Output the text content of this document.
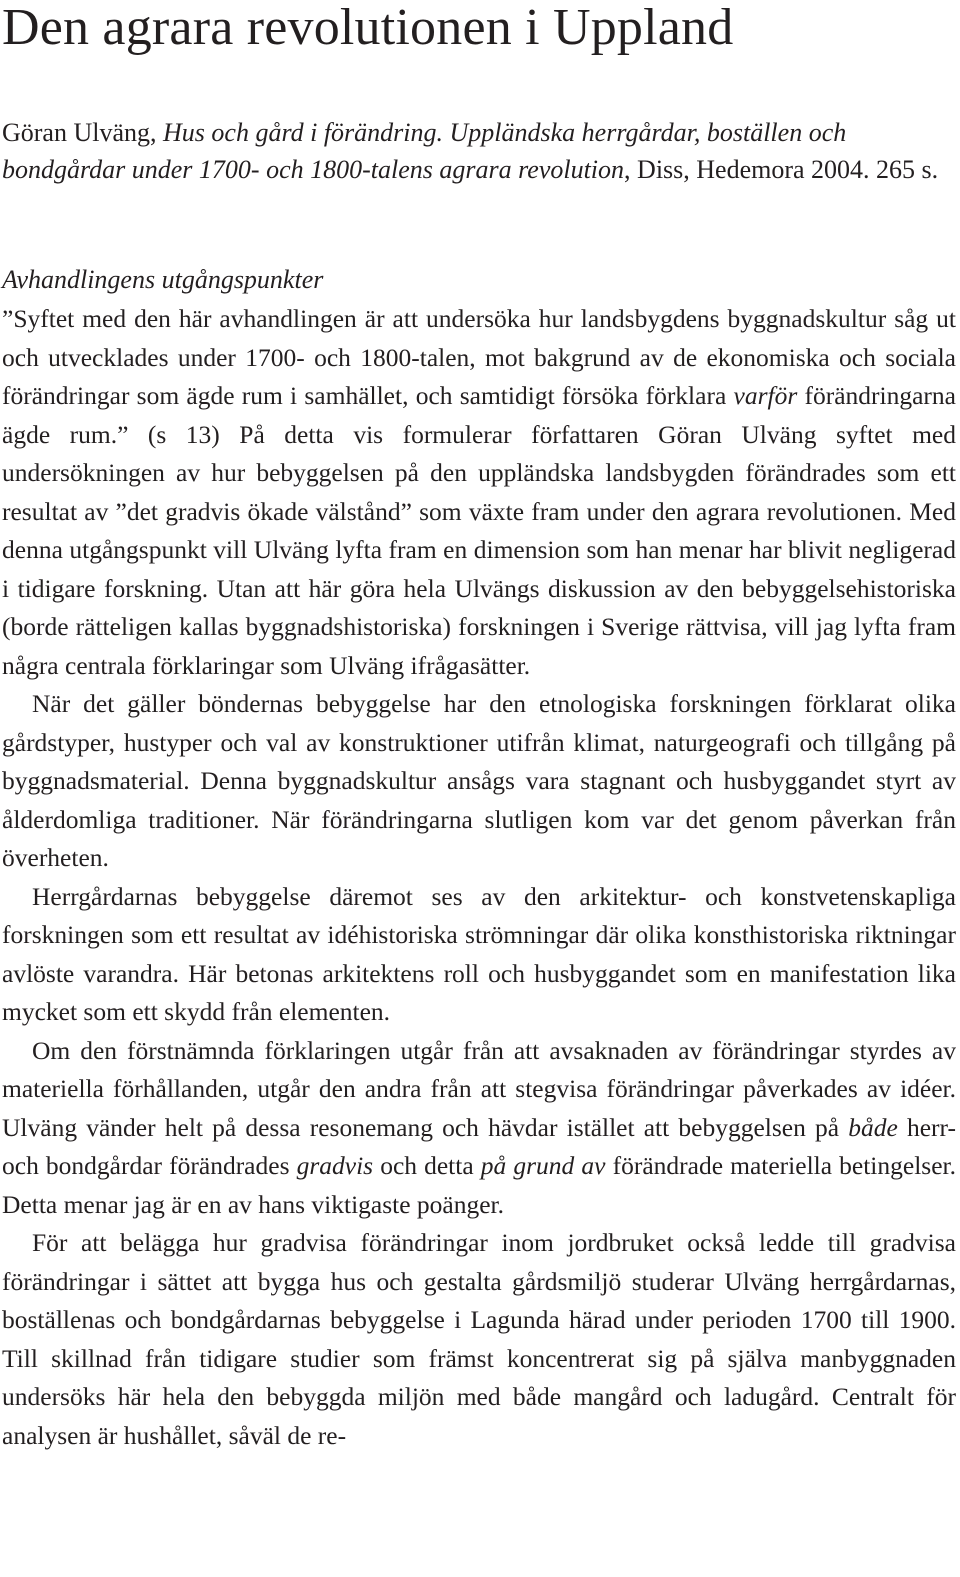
Den agrara revolutionen i Uppland
Göran Ulväng, Hus och gård i förändring. Uppländska herrgårdar, boställen och bondgårdar under 1700- och 1800-talens agrara revolution, Diss, Hedemora 2004. 265 s.
Avhandlingens utgångspunkter

”Syftet med den här avhandlingen är att undersöka hur landsbygdens byggnadskultur såg ut och utvecklades under 1700- och 1800-talen, mot bakgrund av de ekonomiska och sociala förändringar som ägde rum i samhället, och samtidigt försöka förklara varför förändringarna ägde rum.” (s 13) På detta vis formulerar författaren Göran Ulväng syftet med undersökningen av hur bebyggelsen på den uppländska landsbygden förändrades som ett resultat av ”det gradvis ökade välstånd” som växte fram under den agrara revolutionen. Med denna utgångspunkt vill Ulväng lyfta fram en dimension som han menar har blivit negligerad i tidigare forskning. Utan att här göra hela Ulvängs diskussion av den bebyggelsehistoriska (borde rätteligen kallas byggnadshistoriska) forskningen i Sverige rättvisa, vill jag lyfta fram några centrala förklaringar som Ulväng ifrågasätter.

När det gäller böndernas bebyggelse har den etnologiska forskningen förklarat olika gårdstyper, hustyper och val av konstruktioner utifrån klimat, naturgeografi och tillgång på byggnadsmaterial. Denna byggnadskultur ansågs vara stagnant och husbyggandet styrt av ålderdomliga traditioner. När förändringarna slutligen kom var det genom påverkan från överheten.

Herrgårdarnas bebyggelse däremot ses av den arkitektur- och konstvetenskapliga forskningen som ett resultat av idéhistoriska strömningar där olika konsthistoriska riktningar avlöste varandra. Här betonas arkitektens roll och husbyggandet som en manifestation lika mycket som ett skydd från elementen.

Om den förstnämnda förklaringen utgår från att avsaknaden av förändringar styrdes av materiella förhållanden, utgår den andra från att stegvisa förändringar påverkades av idéer. Ulväng vänder helt på dessa resonemang och hävdar istället att bebyggelsen på både herr- och bondgårdar förändrades gradvis och detta på grund av förändrade materiella betingelser. Detta menar jag är en av hans viktigaste poänger.

För att belägga hur gradvisa förändringar inom jordbruket också ledde till gradvisa förändringar i sättet att bygga hus och gestalta gårdsmiljö studerar Ulväng herrgårdarnas, boställenas och bondgårdarnas bebyggelse i Lagunda härad under perioden 1700 till 1900. Till skillnad från tidigare studier som främst koncentrerat sig på själva manbyggnaden undersöks här hela den bebyggda miljön med både mangård och ladugård. Centralt för analysen är hushållet, såväl de re-
